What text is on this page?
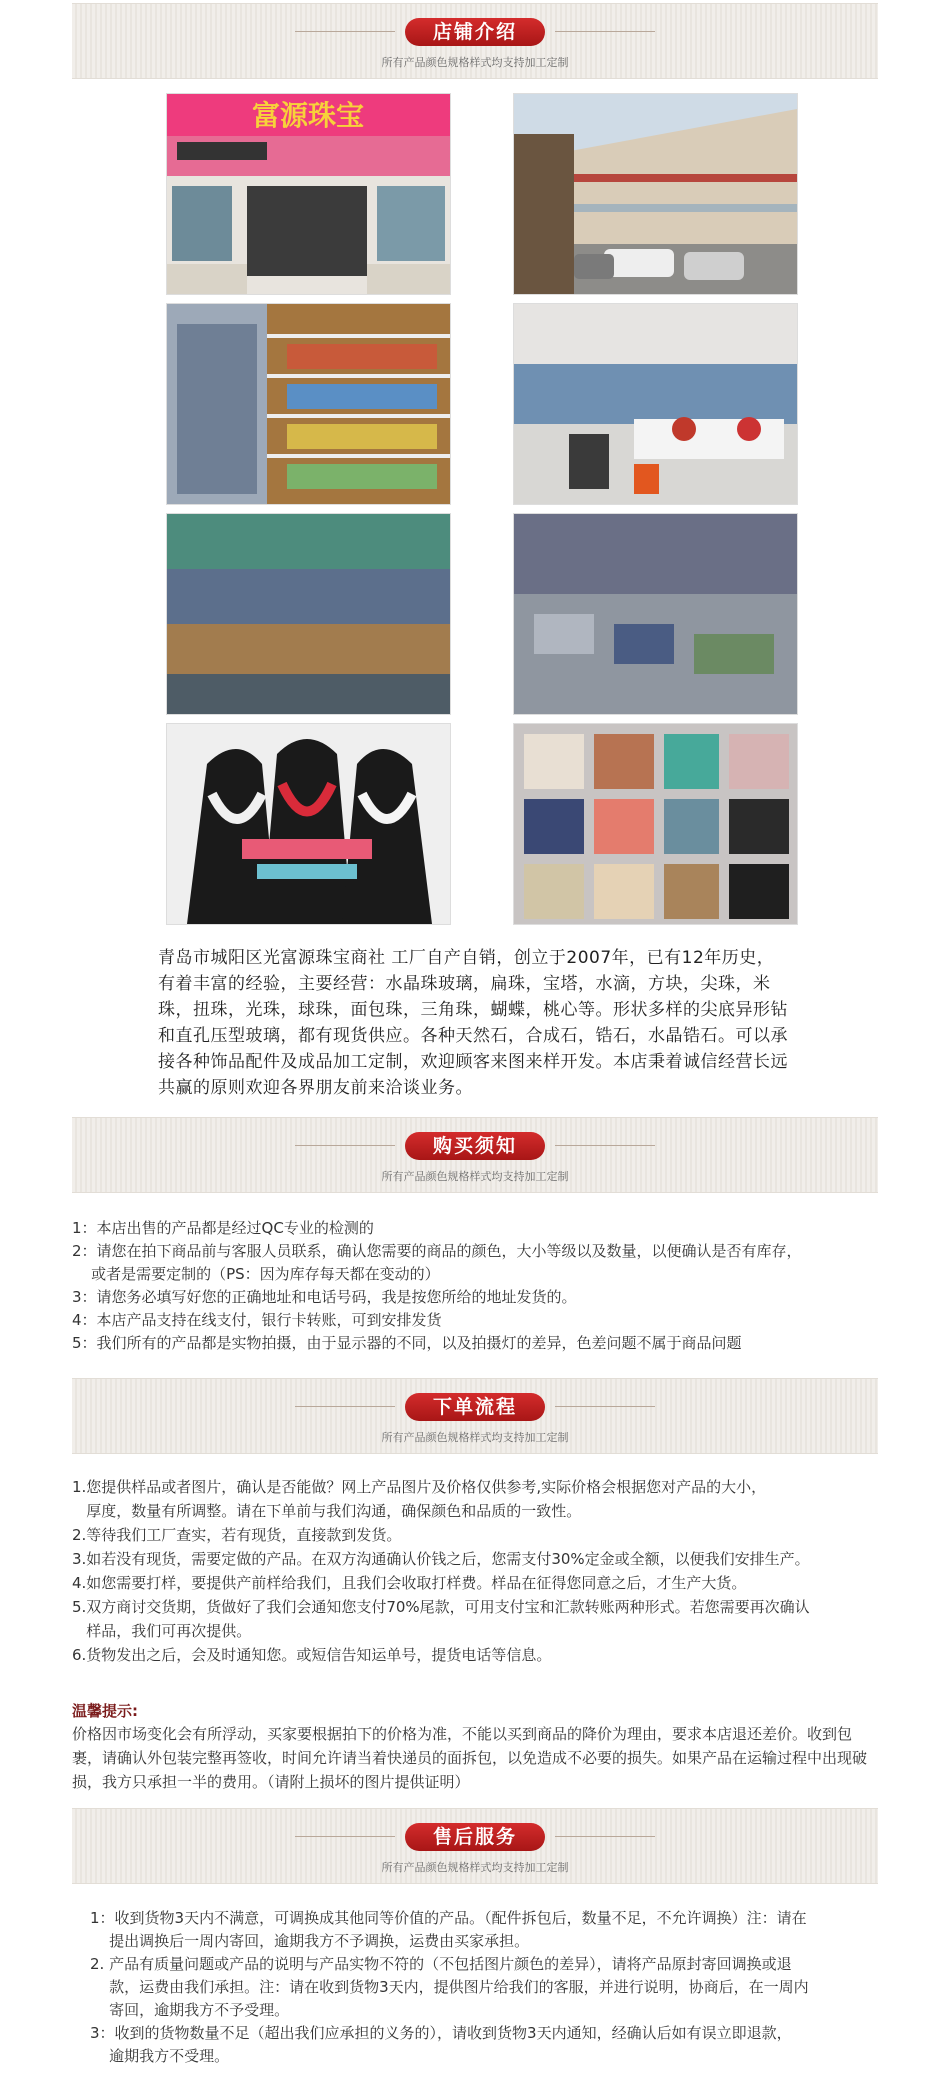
店铺介绍
所有产品颜色规格样式均支持加工定制
富源珠宝
青岛市城阳区光富源珠宝商社 工厂自产自销，创立于2007年，已有12年历史，有着丰富的经验，主要经营：水晶珠玻璃，扁珠，宝塔，水滴，方块，尖珠，米珠，扭珠，光珠，球珠，面包珠，三角珠，蝴蝶，桃心等。形状多样的尖底异形钻和直孔压型玻璃，都有现货供应。各种天然石，合成石，锆石，水晶锆石。可以承接各种饰品配件及成品加工定制，欢迎顾客来图来样开发。本店秉着诚信经营长远共赢的原则欢迎各界朋友前来洽谈业务。
购买须知
所有产品颜色规格样式均支持加工定制
1：本店出售的产品都是经过QC专业的检测的
2：请您在拍下商品前与客服人员联系，确认您需要的商品的颜色，大小等级以及数量，以便确认是否有库存，
或者是需要定制的（PS：因为库存每天都在变动的）
3：请您务必填写好您的正确地址和电话号码，我是按您所给的地址发货的。
4：本店产品支持在线支付，银行卡转账，可到安排发货
5：我们所有的产品都是实物拍摄，由于显示器的不同，以及拍摄灯的差异，色差问题不属于商品问题
下单流程
所有产品颜色规格样式均支持加工定制
1.您提供样品或者图片，确认是否能做？网上产品图片及价格仅供参考,实际价格会根据您对产品的大小，
厚度，数量有所调整。请在下单前与我们沟通，确保颜色和品质的一致性。
2.等待我们工厂查实，若有现货，直接款到发货。
3.如若没有现货，需要定做的产品。在双方沟通确认价钱之后，您需支付30%定金或全额，以便我们安排生产。
4.如您需要打样，要提供产前样给我们，且我们会收取打样费。样品在征得您同意之后，才生产大货。
5.双方商讨交货期，货做好了我们会通知您支付70%尾款，可用支付宝和汇款转账两种形式。若您需要再次确认
样品，我们可再次提供。
6.货物发出之后，会及时通知您。或短信告知运单号，提货电话等信息。
温馨提示:
价格因市场变化会有所浮动，买家要根据拍下的价格为准，不能以买到商品的降价为理由，要求本店退还差价。收到包裹，请确认外包装完整再签收，时间允许请当着快递员的面拆包，以免造成不必要的损失。如果产品在运输过程中出现破损，我方只承担一半的费用。（请附上损坏的图片提供证明）
售后服务
所有产品颜色规格样式均支持加工定制
1：收到货物3天内不满意，可调换成其他同等价值的产品。（配件拆包后，数量不足，不允许调换）注：请在
提出调换后一周内寄回，逾期我方不予调换，运费由买家承担。
2. 产品有质量问题或产品的说明与产品实物不符的（不包括图片颜色的差异），请将产品原封寄回调换或退
款，运费由我们承担。注：请在收到货物3天内，提供图片给我们的客服，并进行说明，协商后，在一周内
寄回，逾期我方不予受理。
3：收到的货物数量不足（超出我们应承担的义务的），请收到货物3天内通知，经确认后如有误立即退款，
逾期我方不受理。
